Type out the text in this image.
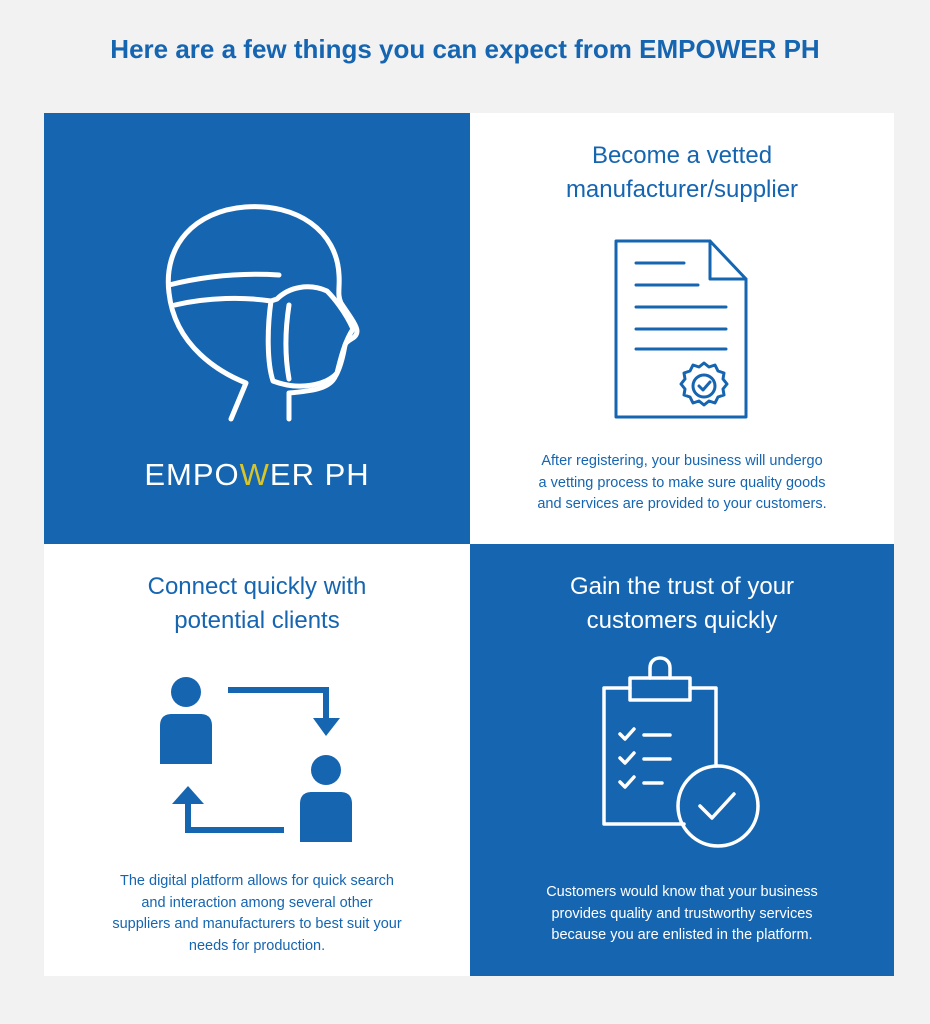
Here are a few things you can expect from EMPOWER PH
EMPOWER PH
Become a vetted
manufacturer/supplier

After registering, your business will undergo
a vetting process to make sure quality goods
and services are provided to your customers.

Connect quickly with
potential clients

The digital platform allows for quick search
and interaction among several other
suppliers and manufacturers to best suit your
needs for production.

Gain the trust of your
customers quickly

Customers would know that your business
provides quality and trustworthy services
because you are enlisted in the platform.
